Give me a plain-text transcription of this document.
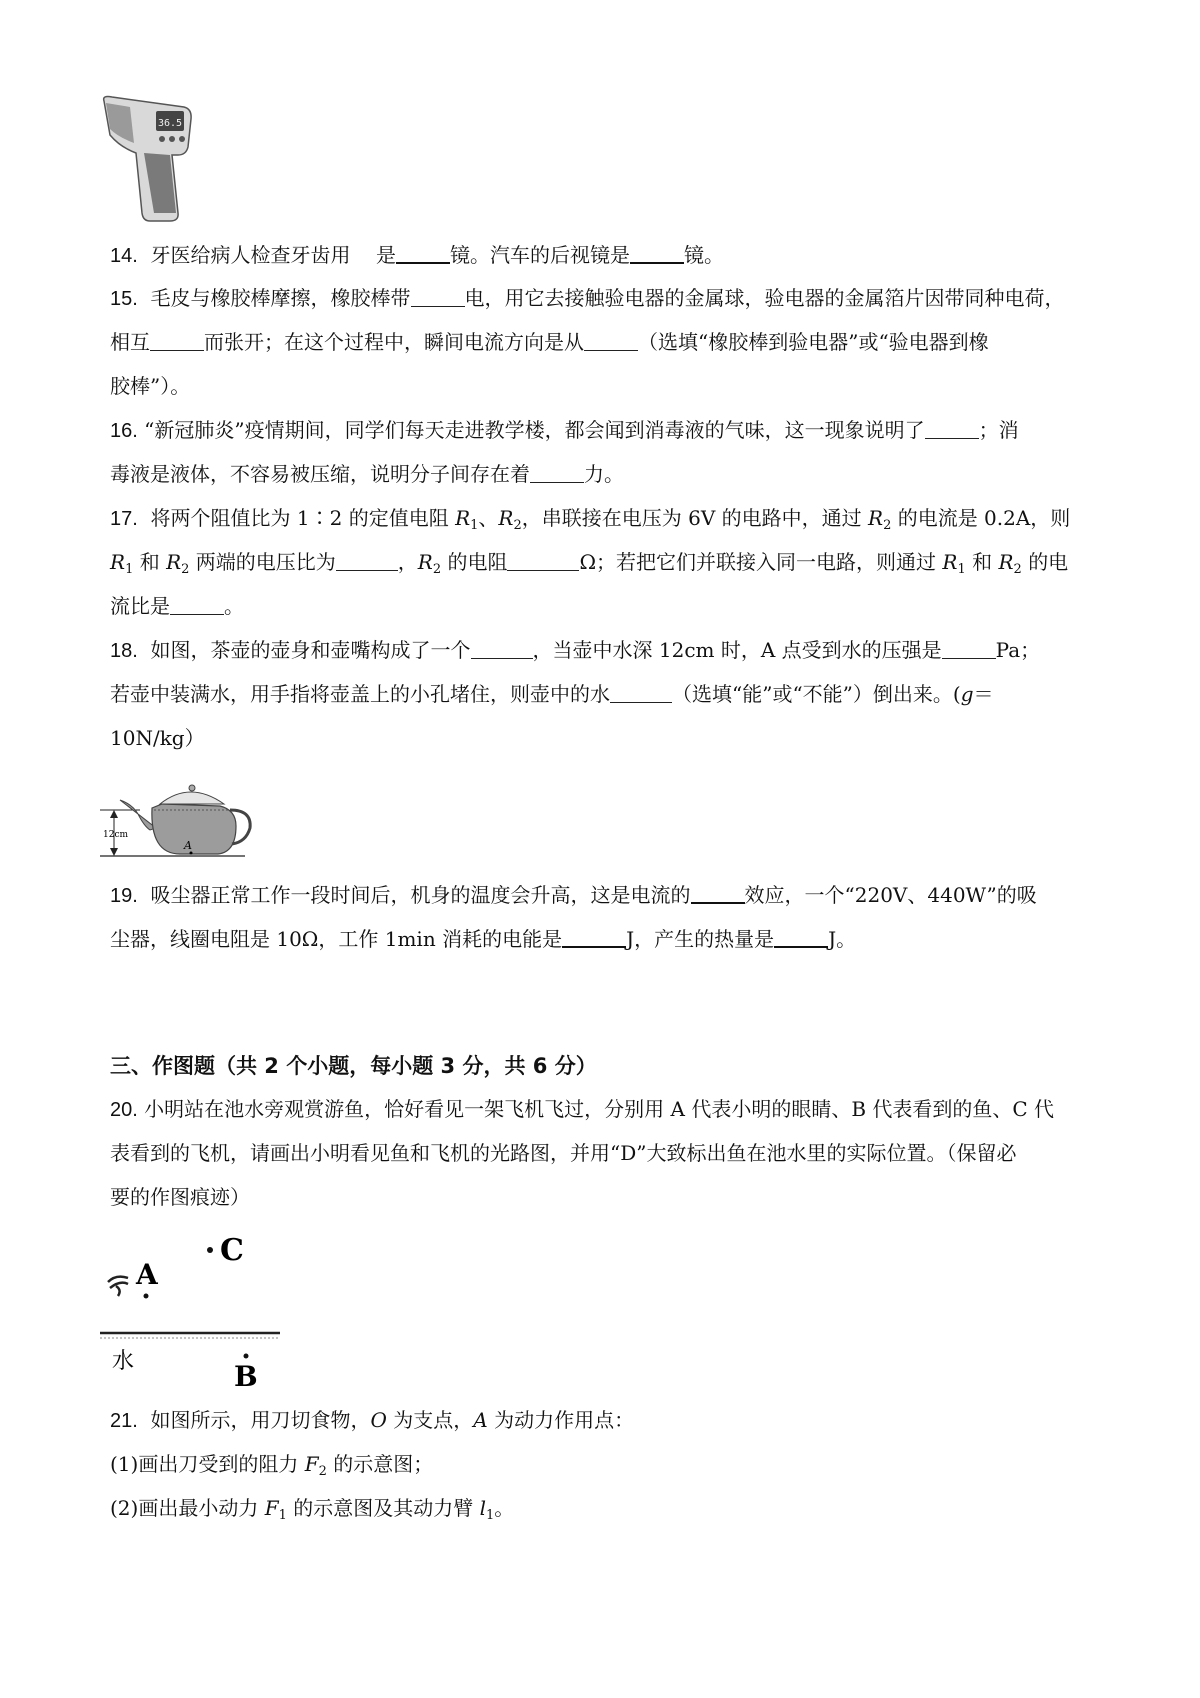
36.5
14. 牙医给病人检查牙齿用 是	镜。汽车的后视镜是	镜。
15. 毛皮与橡胶棒摩擦，橡胶棒带	电，用它去接触验电器的金属球，验电器的金属箔片因带同种电荷，
相互	而张开；在这个过程中，瞬间电流方向是从	（选填“橡胶棒到验电器”或“验电器到橡
胶棒”）。
16. “新冠肺炎”疫情期间，同学们每天走进教学楼，都会闻到消毒液的气味，这一现象说明了	；消
毒液是液体，不容易被压缩，说明分子间存在着	力。
17. 将两个阻值比为 1∶2 的定值电阻 $R_1$、$R_2$，串联接在电压为 6V 的电路中，通过 $R_2$ 的电流是 0.2A，则
$R_1$ 和 $R_2$ 两端的电压比为	，$R_2$ 的电阻	Ω；若把它们并联接入同一电路，则通过 $R_1$ 和 $R_2$ 的电
流比是	。
18. 如图，茶壶的壶身和壶嘴构成了一个	，当壶中水深 12cm 时，A 点受到水的压强是	Pa；
若壶中装满水，用手指将壶盖上的小孔堵住，则壶中的水	（选填“能”或“不能”）倒出来。(g＝
10N/kg）
12cm
A
19. 吸尘器正常工作一段时间后，机身的温度会升高，这是电流的	效应，一个“220V、440W”的吸
尘器，线圈电阻是 10Ω，工作 1min 消耗的电能是	J，产生的热量是	J。
三、作图题（共 2 个小题，每小题 3 分，共 6 分）
20. 小明站在池水旁观赏游鱼，恰好看见一架飞机飞过，分别用 A 代表小明的眼睛、B 代表看到的鱼、C 代
表看到的飞机，请画出小明看见鱼和飞机的光路图，并用“D”大致标出鱼在池水里的实际位置。（保留必
要的作图痕迹）
A
C
水	B
21. 如图所示，用刀切食物，O 为支点，A 为动力作用点：
(1)画出刀受到的阻力 $F_2$ 的示意图；
(2)画出最小动力 $F_1$ 的示意图及其动力臂 $l_1$。
